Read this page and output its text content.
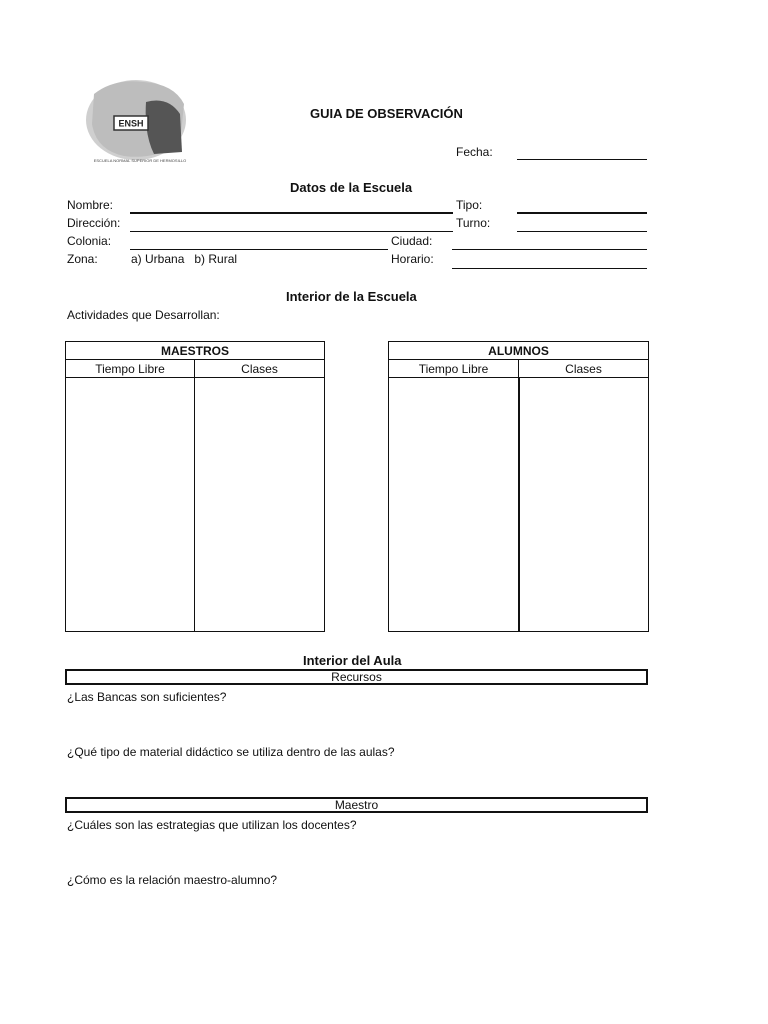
ENSH
ESCUELA NORMAL SUPERIOR DE HERMOSILLO
GUIA DE OBSERVACIÓN
Fecha:
Datos de la Escuela
Nombre:	Tipo:
Dirección:	Turno:
Colonia:	Ciudad:
Zona:	a) Urbana   b) Rural	Horario:
Interior de la Escuela
Actividades que Desarrollan:
MAESTROS	
Tiempo Libre	Clases

ALUMNOS	
Tiempo Libre	Clases

Interior del Aula
Recursos
¿Las Bancas son suficientes?
¿Qué tipo de material didáctico se utiliza dentro de las aulas?
Maestro
¿Cuáles son las estrategias que utilizan los docentes?
¿Cómo es la relación maestro-alumno?
